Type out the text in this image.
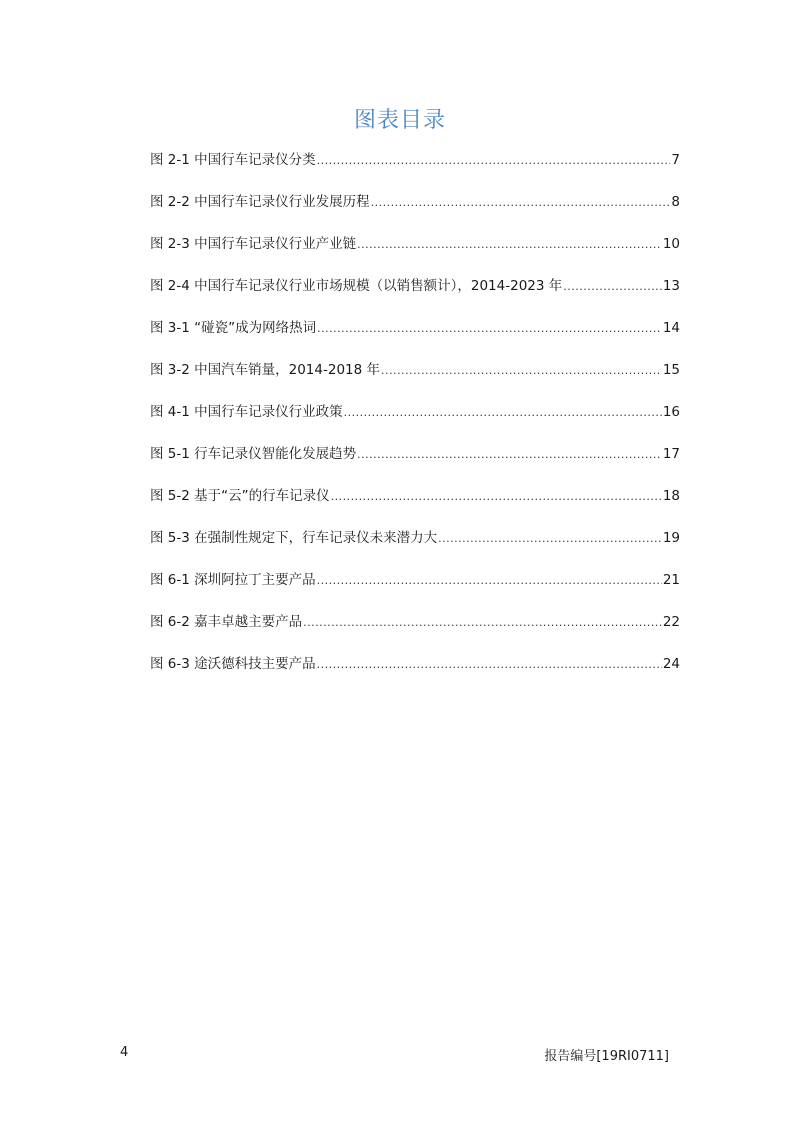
图表目录
图 2-1 中国行车记录仪分类 .....	7
图 2-2 中国行车记录仪行业发展历程 .....	8
图 2-3 中国行车记录仪行业产业链 .....	10
图 2-4 中国行车记录仪行业市场规模（以销售额计），2014-2023 年 .....	13
图 3-1 “碰瓷”成为网络热词 .....	14
图 3-2 中国汽车销量，2014-2018 年 .....	15
图 4-1 中国行车记录仪行业政策 .....	16
图 5-1 行车记录仪智能化发展趋势 .....	17
图 5-2 基于“云”的行车记录仪 .....	18
图 5-3 在强制性规定下，行车记录仪未来潜力大 .....	19
图 6-1 深圳阿拉丁主要产品 .....	21
图 6-2 嘉丰卓越主要产品 .....	22
图 6-3 途沃德科技主要产品 .....	24
4	报告编号[19RI0711]
